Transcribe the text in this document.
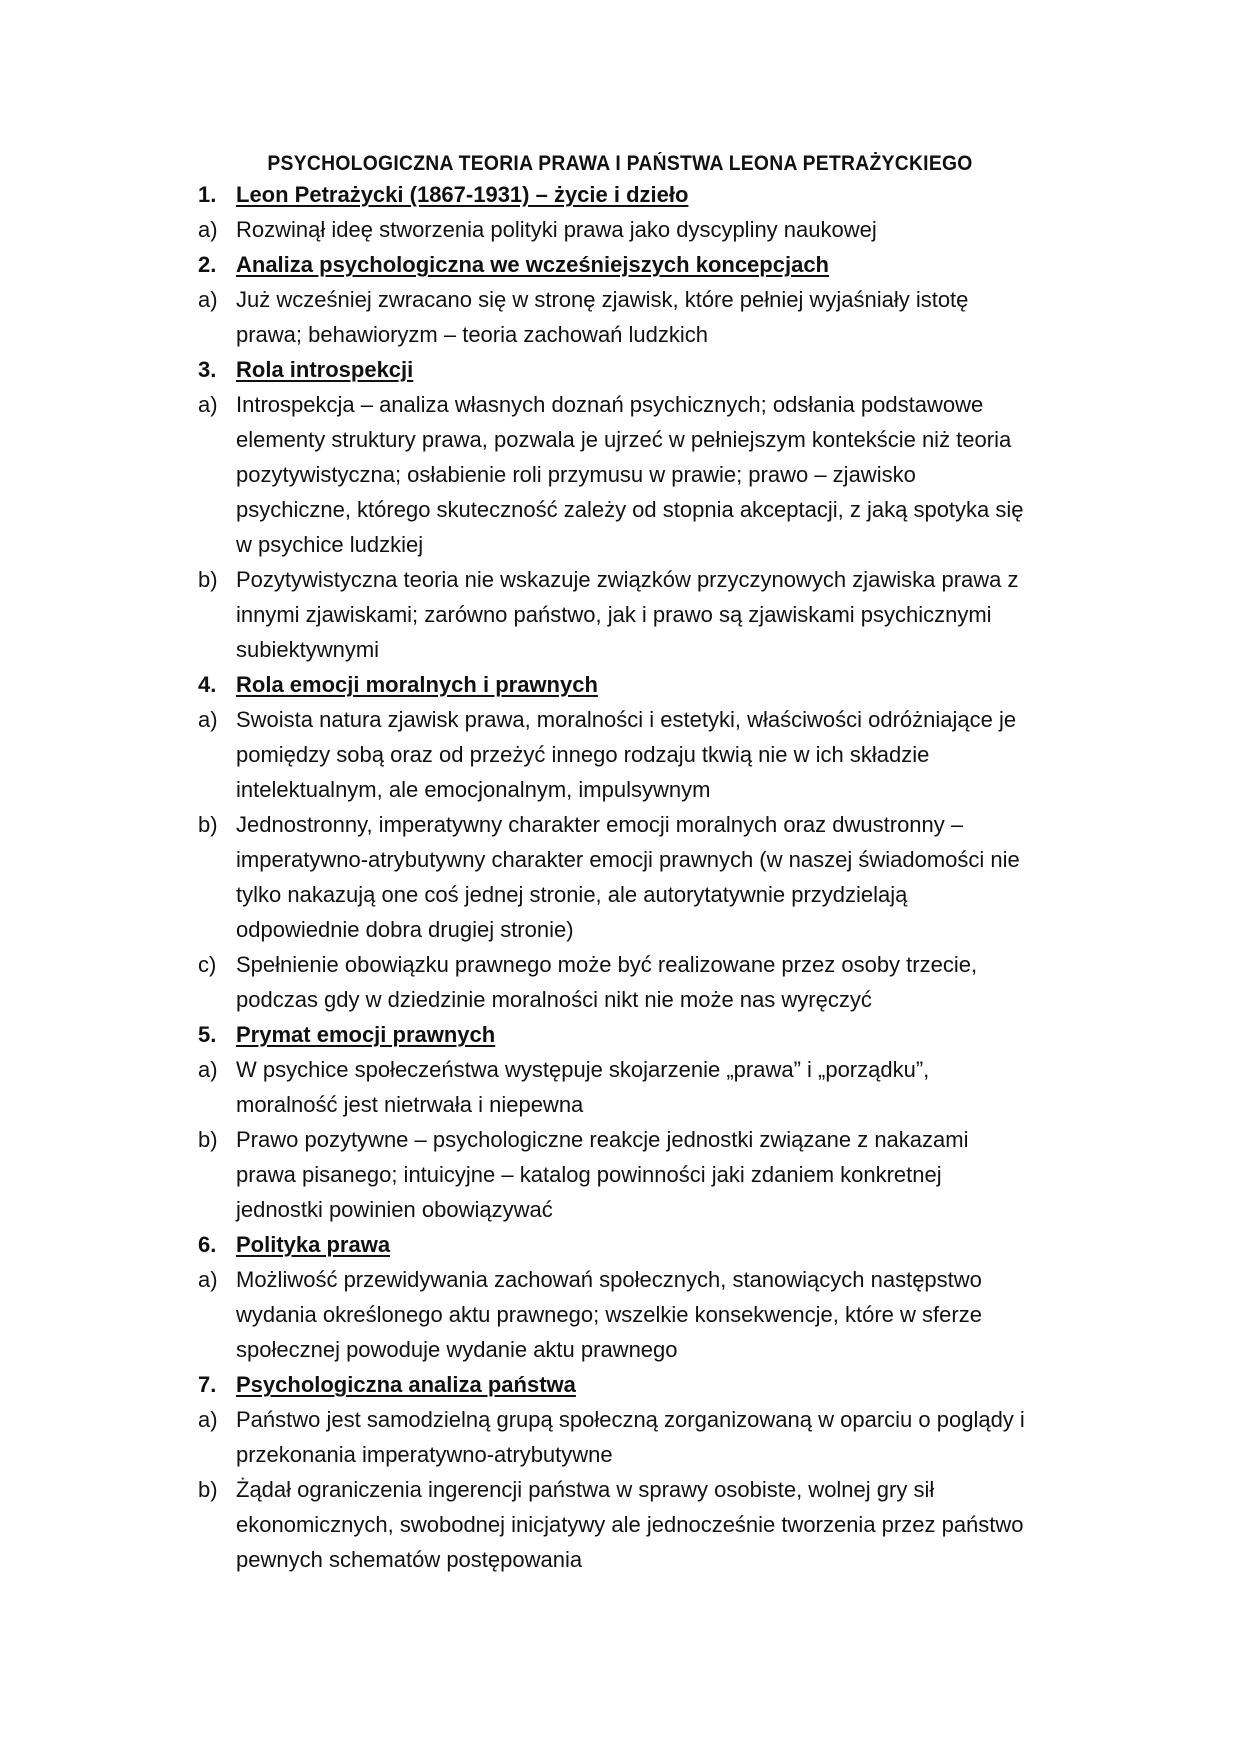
PSYCHOLOGICZNA TEORIA PRAWA I PAŃSTWA LEONA PETRAŻYCKIEGO
1. Leon Petrażycki (1867-1931) – życie i dzieło
a) Rozwinął ideę stworzenia polityki prawa jako dyscypliny naukowej
2. Analiza psychologiczna we wcześniejszych koncepcjach
a) Już wcześniej zwracano się w stronę zjawisk, które pełniej wyjaśniały istotę prawa; behawioryzm – teoria zachowań ludzkich
3. Rola introspekcji
a) Introspekcja – analiza własnych doznań psychicznych; odsłania podstawowe elementy struktury prawa, pozwala je ujrzeć w pełniejszym kontekście niż teoria pozytywistyczna; osłabienie roli przymusu w prawie; prawo – zjawisko psychiczne, którego skuteczność zależy od stopnia akceptacji, z jaką spotyka się w psychice ludzkiej
b) Pozytywistyczna teoria nie wskazuje związków przyczynowych zjawiska prawa z innymi zjawiskami; zarówno państwo, jak i prawo są zjawiskami psychicznymi subiektywnymi
4. Rola emocji moralnych i prawnych
a) Swoista natura zjawisk prawa, moralności i estetyki, właściwości odróżniające je pomiędzy sobą oraz od przeżyć innego rodzaju tkwią nie w ich składzie intelektualnym, ale emocjonalnym, impulsywnym
b) Jednostronny, imperatywny charakter emocji moralnych oraz dwustronny – imperatywno-atrybutywny charakter emocji prawnych (w naszej świadomości nie tylko nakazują one coś jednej stronie, ale autorytatywnie przydzielają odpowiednie dobra drugiej stronie)
c) Spełnienie obowiązku prawnego może być realizowane przez osoby trzecie, podczas gdy w dziedzinie moralności nikt nie może nas wyręczyć
5. Prymat emocji prawnych
a) W psychice społeczeństwa występuje skojarzenie „prawa” i „porządku”, moralność jest nietrwała i niepewna
b) Prawo pozytywne – psychologiczne reakcje jednostki związane z nakazami prawa pisanego; intuicyjne – katalog powinności jaki zdaniem konkretnej jednostki powinien obowiązywać
6. Polityka prawa
a) Możliwość przewidywania zachowań społecznych, stanowiących następstwo wydania określonego aktu prawnego; wszelkie konsekwencje, które w sferze społecznej powoduje wydanie aktu prawnego
7. Psychologiczna analiza państwa
a) Państwo jest samodzielną grupą społeczną zorganizowaną w oparciu o poglądy i przekonania imperatywno-atrybutywne
b) Żądał ograniczenia ingerencji państwa w sprawy osobiste, wolnej gry sił ekonomicznych, swobodnej inicjatywy ale jednocześnie tworzenia przez państwo pewnych schematów postępowania
